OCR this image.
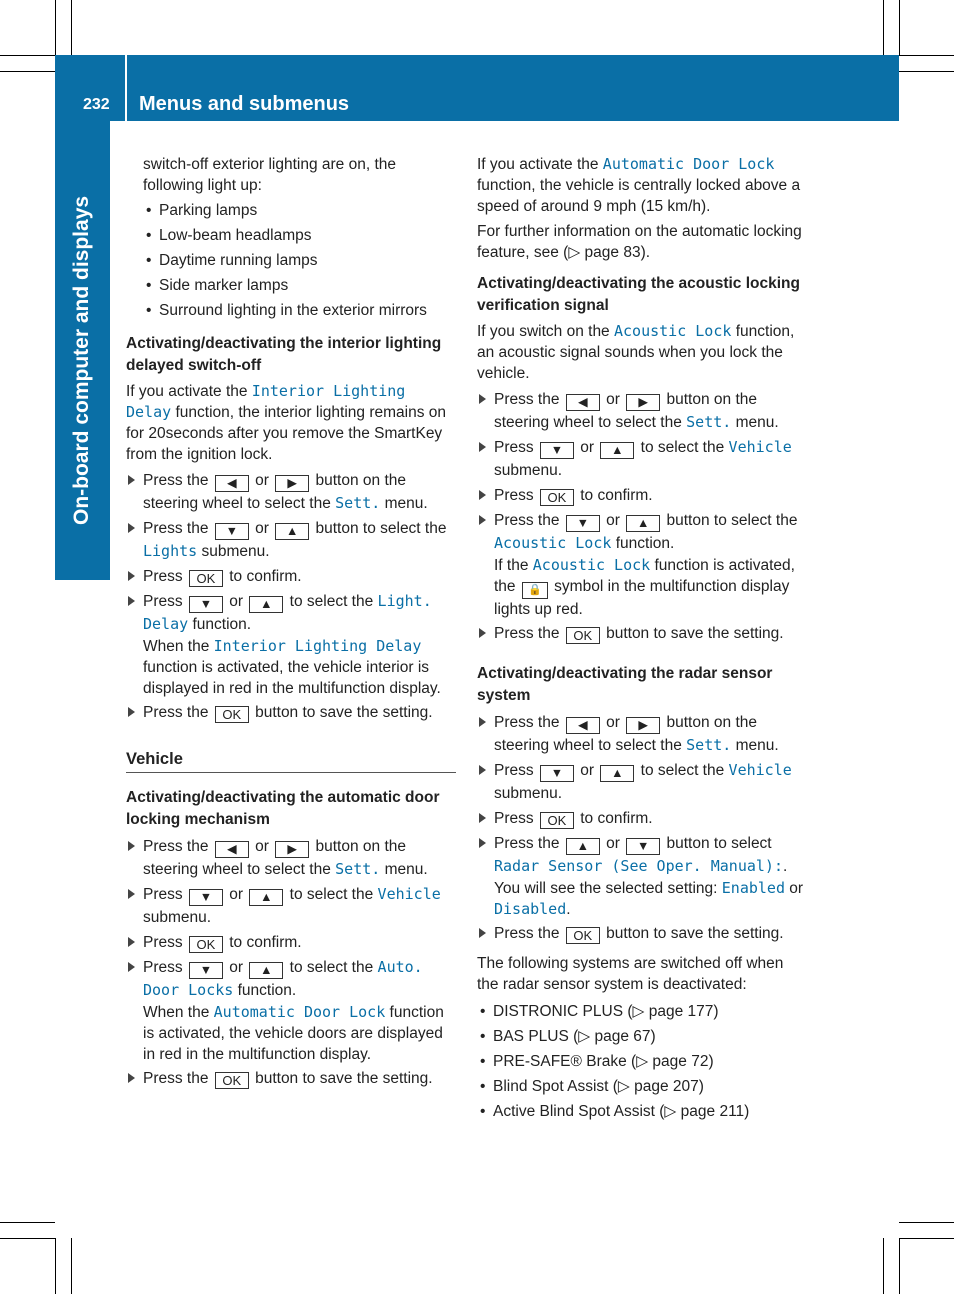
232 Menus and submenus
On-board computer and displays

switch-off exterior lighting are on, the following light up:

• Parking lamps
• Low-beam headlamps
• Daytime running lamps
• Side marker lamps
• Surround lighting in the exterior mirrors
Activating/deactivating the interior lighting delayed switch-off

If you activate the Interior Lighting Delay function, the interior lighting remains on for 20seconds after you remove the SmartKey from the ignition lock.

Press the ◀ or ▶ button on the steering wheel to select the Sett. menu.
Press the ▼ or ▲ button to select the Lights submenu.
Press OK to confirm.
Press ▼ or ▲ to select the Light. Delay function.
When the Interior Lighting Delay function is activated, the vehicle interior is displayed in red in the multifunction display.
Press the OK button to save the setting.
Vehicle
Activating/deactivating the automatic door locking mechanism
Press the ◀ or ▶ button on the steering wheel to select the Sett. menu.
Press ▼ or ▲ to select the Vehicle submenu.
Press OK to confirm.
Press ▼ or ▲ to select the Auto. Door Locks function.
When the Automatic Door Lock function is activated, the vehicle doors are displayed in red in the multifunction display.
Press the OK button to save the setting.

If you activate the Automatic Door Lock function, the vehicle is centrally locked above a speed of around 9 mph (15 km/h).

For further information on the automatic locking feature, see (▷ page 83).

Activating/deactivating the acoustic locking verification signal

If you switch on the Acoustic Lock function, an acoustic signal sounds when you lock the vehicle.

Press the ◀ or ▶ button on the steering wheel to select the Sett. menu.
Press ▼ or ▲ to select the Vehicle submenu.
Press OK to confirm.
Press the ▼ or ▲ button to select the Acoustic Lock function.
If the Acoustic Lock function is activated, the 🔒 symbol in the multifunction display lights up red.
Press the OK button to save the setting.
Activating/deactivating the radar sensor system
Press the ◀ or ▶ button on the steering wheel to select the Sett. menu.
Press ▼ or ▲ to select the Vehicle submenu.
Press OK to confirm.
Press the ▲ or ▼ button to select Radar Sensor (See Oper. Manual):.
You will see the selected setting: Enabled or Disabled.
Press the OK button to save the setting.

The following systems are switched off when the radar sensor system is deactivated:

• DISTRONIC PLUS (▷ page 177)
• BAS PLUS (▷ page 67)
• PRE-SAFE® Brake (▷ page 72)
• Blind Spot Assist (▷ page 207)
• Active Blind Spot Assist (▷ page 211)
